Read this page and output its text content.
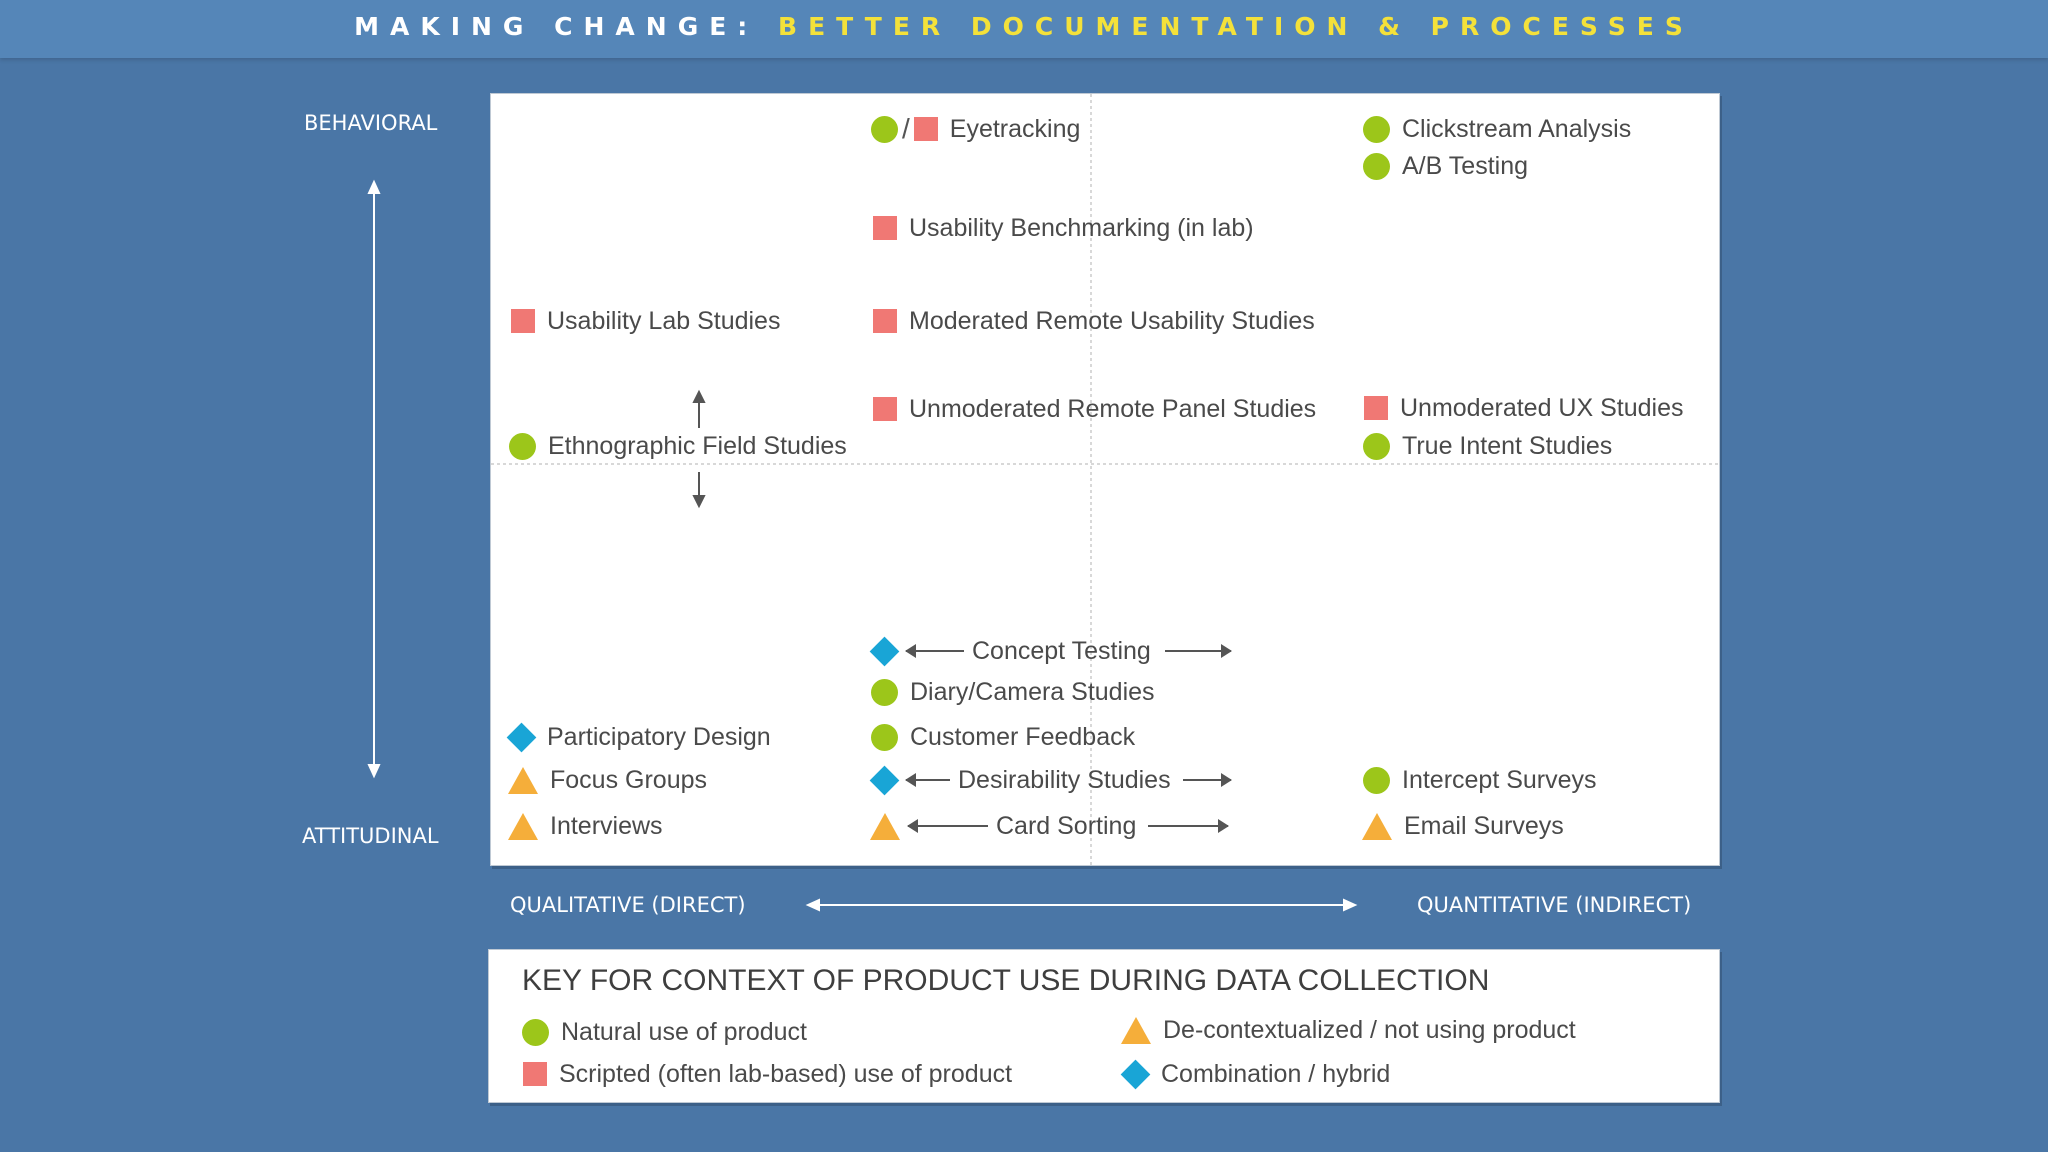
MAKING CHANGE: BETTER DOCUMENTATION & PROCESSES
BEHAVIORAL
ATTITUDINAL
QUALITATIVE (DIRECT)	QUANTITATIVE (INDIRECT)
/ Eyetracking	Clickstream Analysis
A/B Testing
Usability Benchmarking (in lab)
Usability Lab Studies	Moderated Remote Usability Studies
Ethnographic Field Studies
Unmoderated Remote Panel Studies	Unmoderated UX Studies
True Intent Studies
Concept Testing
Diary/Camera Studies
Participatory Design	Customer Feedback
Focus Groups	Desirability Studies	Intercept Surveys
Interviews	Card Sorting	Email Surveys
KEY FOR CONTEXT OF PRODUCT USE DURING DATA COLLECTION
Natural use of product
Scripted (often lab-based) use of product
De-contextualized / not using product
Combination / hybrid
